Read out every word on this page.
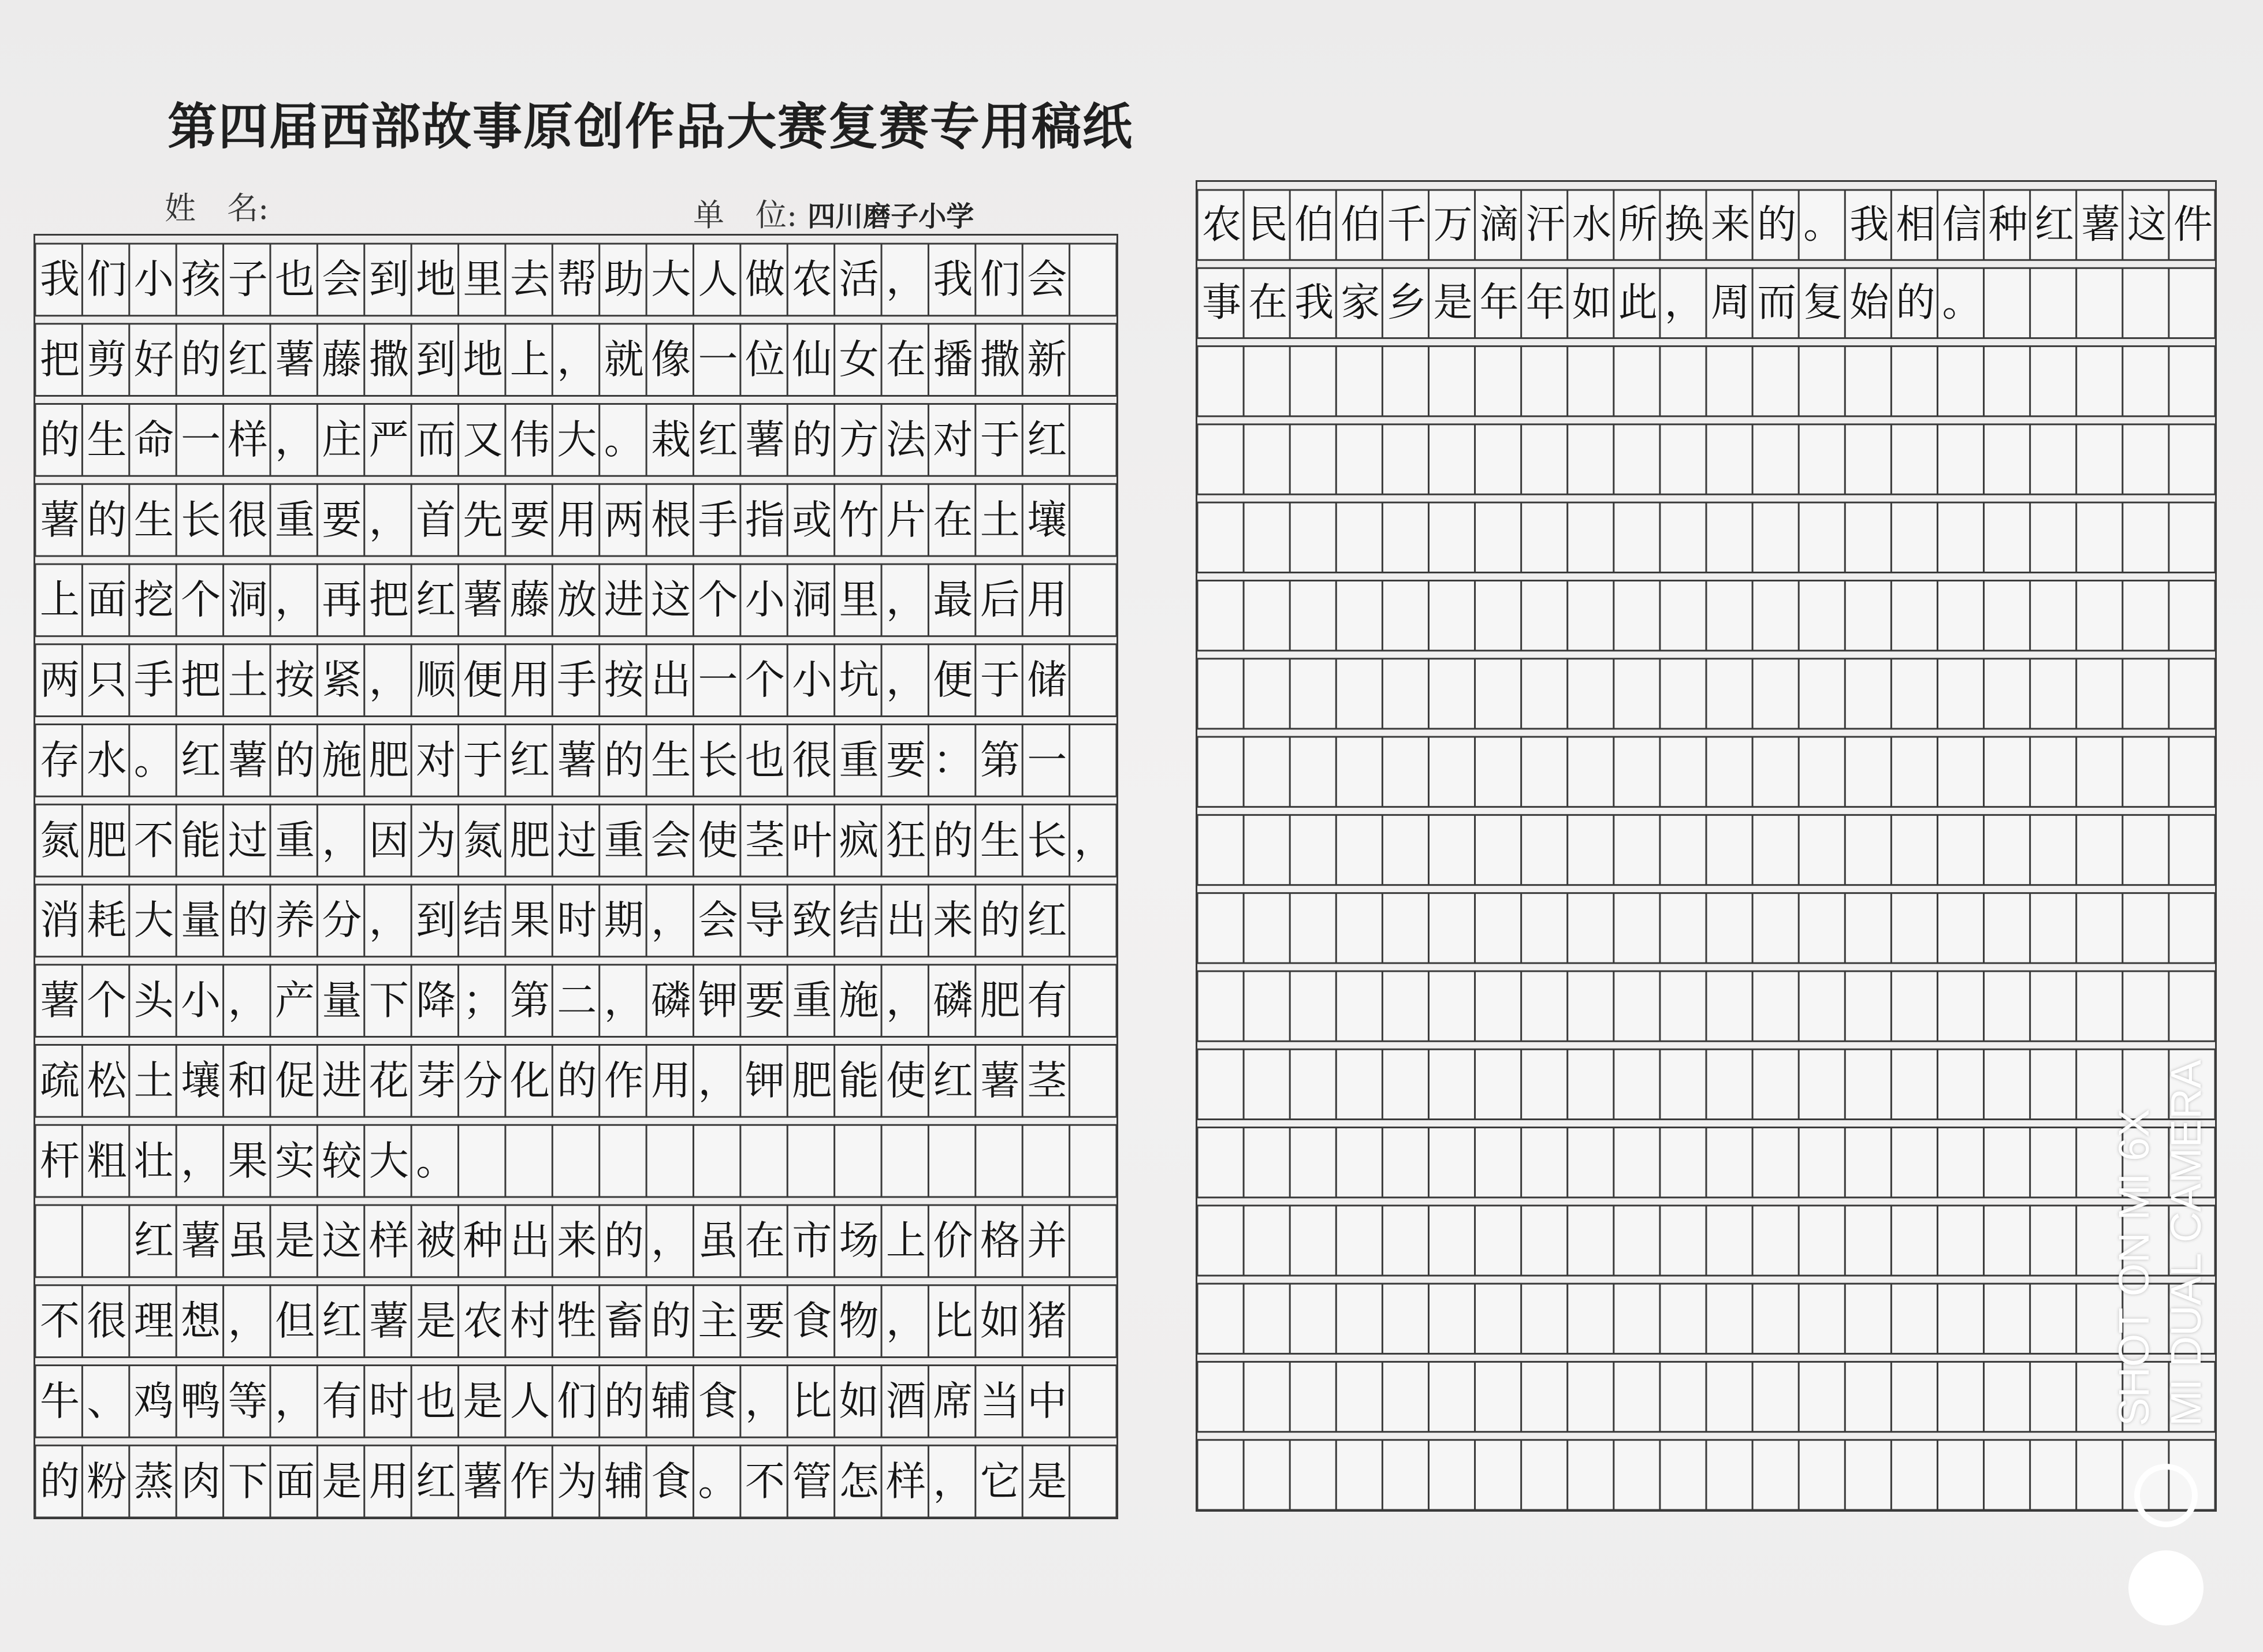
第四届西部故事原创作品大赛复赛专用稿纸
姓　名:	单　位: 四川磨子小学
我们小孩子也会到地里去帮助大人做农活，我们会
把剪好的红薯藤撒到地上，就像一位仙女在播撒新
的生命一样，庄严而又伟大。栽红薯的方法对于红
薯的生长很重要，首先要用两根手指或竹片在土壤
上面挖个洞，再把红薯藤放进这个小洞里，最后用
两只手把土按紧，顺便用手按出一个小坑，便于储
存水。红薯的施肥对于红薯的生长也很重要：第一
氮肥不能过重，因为氮肥过重会使茎叶疯狂的生长，
消耗大量的养分，到结果时期，会导致结出来的红
薯个头小，产量下降；第二，磷钾要重施，磷肥有
疏松土壤和促进花芽分化的作用，钾肥能使红薯茎
杆粗壮，果实较大。
　　红薯虽是这样被种出来的，虽在市场上价格并
不很理想，但红薯是农村牲畜的主要食物，比如猪
牛、鸡鸭等，有时也是人们的辅食，比如酒席当中
的粉蒸肉下面是用红薯作为辅食。不管怎样，它是
农民伯伯千万滴汗水所换来的。我相信种红薯这件
事在我家乡是年年如此，周而复始的。
SHOT ON MI 6X MI DUAL CAMERA
